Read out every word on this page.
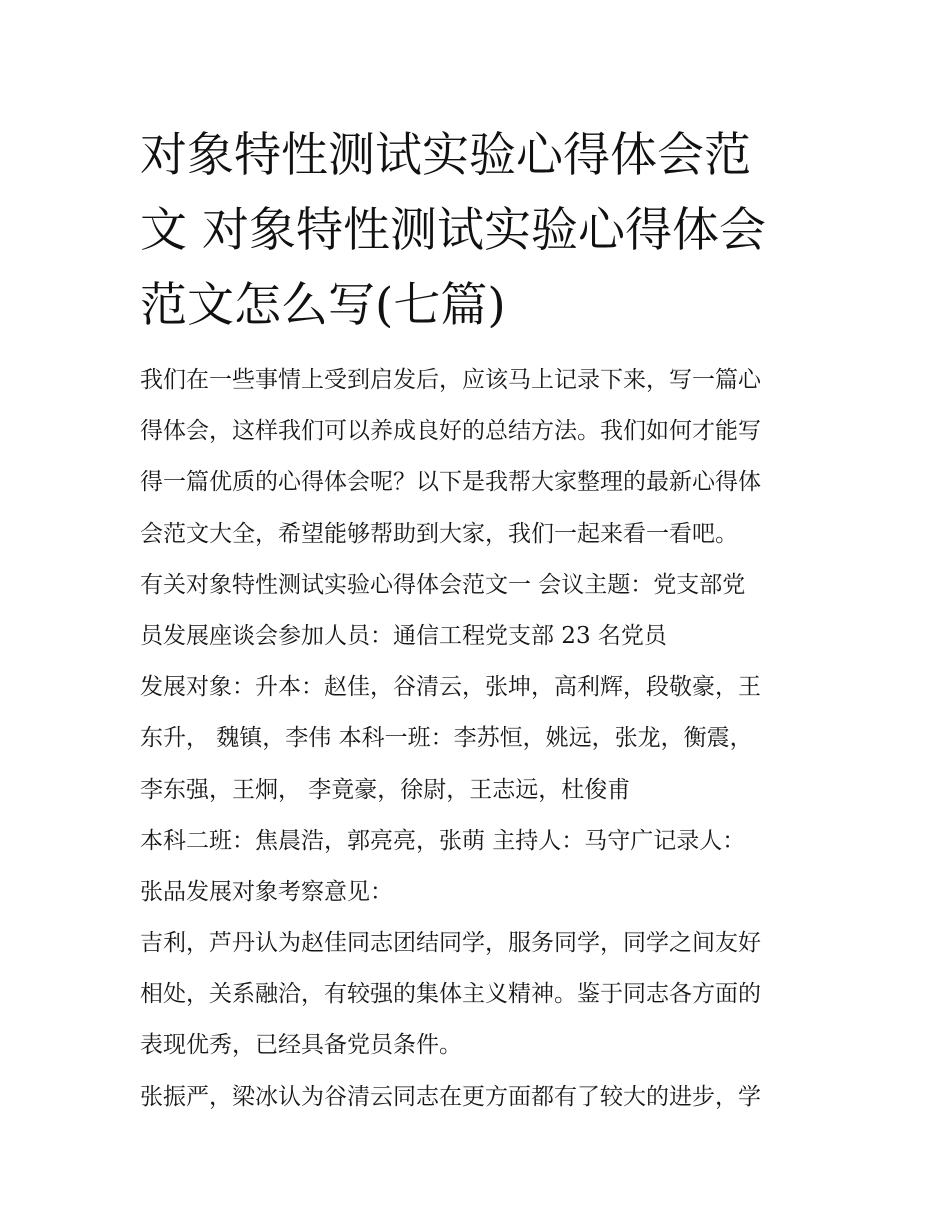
对象特性测试实验心得体会范
文 对象特性测试实验心得体会
范文怎么写(七篇)
我们在一些事情上受到启发后，应该马上记录下来，写一篇心
得体会，这样我们可以养成良好的总结方法。我们如何才能写
得一篇优质的心得体会呢？以下是我帮大家整理的最新心得体
会范文大全，希望能够帮助到大家，我们一起来看一看吧。
有关对象特性测试实验心得体会范文一 会议主题：党支部党
员发展座谈会参加人员：通信工程党支部 23 名党员
发展对象：升本：赵佳，谷清云，张坤，高利辉，段敬豪，王
东升， 魏镇，李伟 本科一班：李苏恒，姚远，张龙，衡震，
李东强，王炯， 李竟豪，徐尉，王志远，杜俊甫
本科二班：焦晨浩，郭亮亮，张萌 主持人：马守广记录人：
张品发展对象考察意见：
吉利，芦丹认为赵佳同志团结同学，服务同学，同学之间友好
相处，关系融洽，有较强的集体主义精神。鉴于同志各方面的
表现优秀，已经具备党员条件。
张振严，梁冰认为谷清云同志在更方面都有了较大的进步，学
